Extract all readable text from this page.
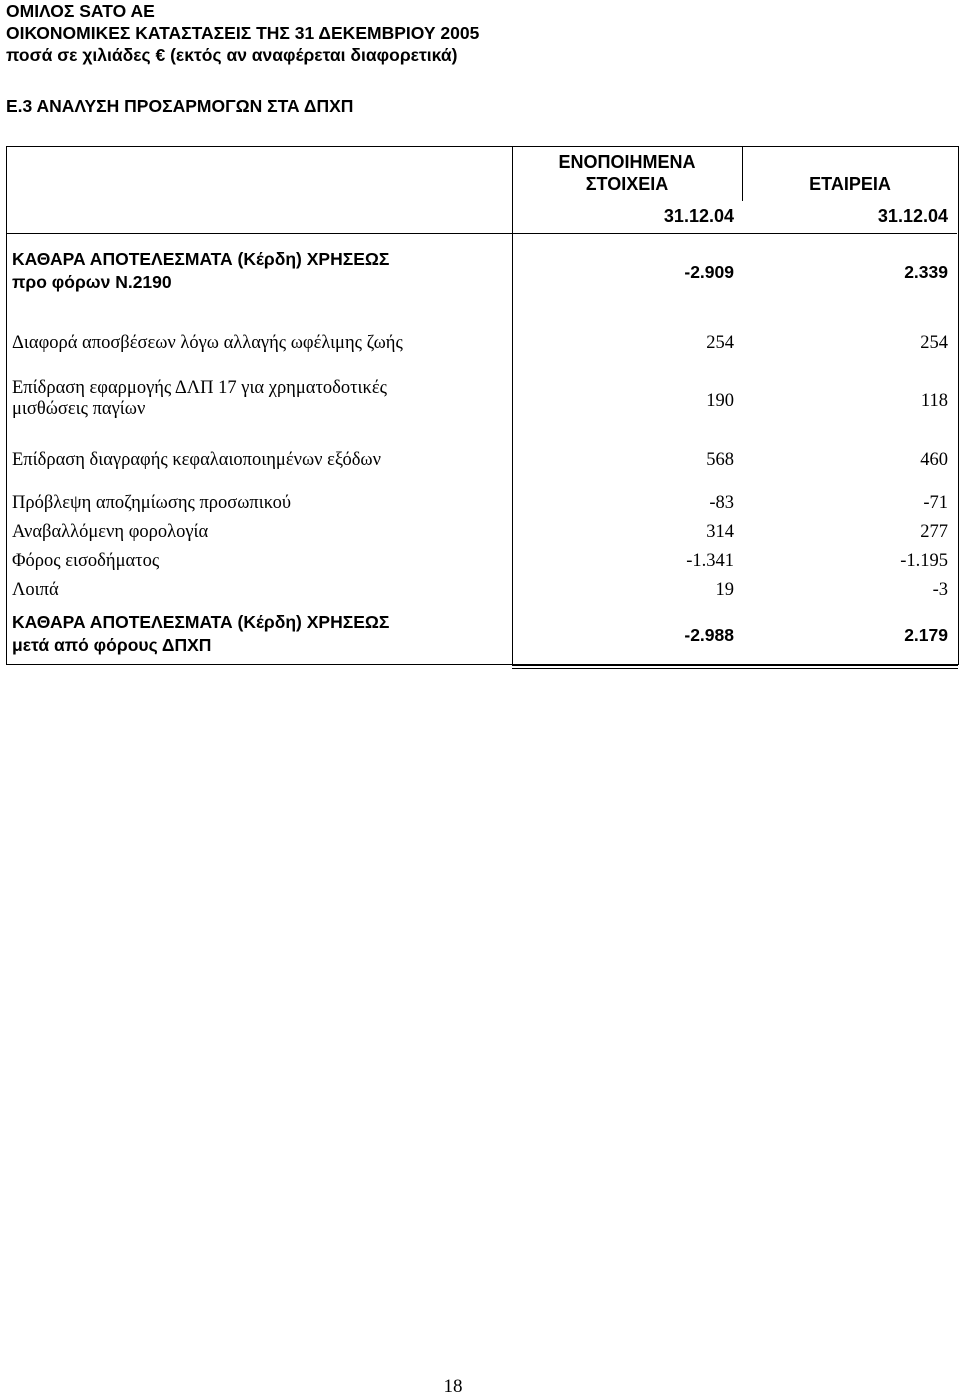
ΟΜΙΛΟΣ SATO AE
ΟΙΚΟΝΟΜΙΚΕΣ ΚΑΤΑΣΤΑΣΕΙΣ ΤΗΣ 31 ΔΕΚΕΜΒΡΙΟΥ 2005
ποσά σε χιλιάδες € (εκτός αν αναφέρεται διαφορετικά)
Ε.3 ΑΝΑΛΥΣΗ ΠΡΟΣΑΡΜΟΓΩΝ ΣΤΑ ΔΠΧΠ
ΕΝΟΠΟΙΗΜΕΝΑ
ΣΤΟΙΧΕΙΑ	ΕΤΑΙΡΕΙΑ
31.12.04	31.12.04
ΚΑΘΑΡΑ ΑΠΟΤΕΛΕΣΜΑΤΑ (Κέρδη) ΧΡΗΣΕΩΣ
προ φόρων Ν.2190	-2.909	2.339
Διαφορά αποσβέσεων λόγω αλλαγής ωφέλιμης ζωής	254	254
Επίδραση εφαρμογής ΔΛΠ 17 για χρηματοδοτικές
μισθώσεις παγίων	190	118
Επίδραση διαγραφής κεφαλαιοποιημένων εξόδων	568	460
Πρόβλεψη αποζημίωσης προσωπικού	-83	-71
Αναβαλλόμενη φορολογία	314	277
Φόρος εισοδήματος	-1.341	-1.195
Λοιπά	19	-3
ΚΑΘΑΡΑ ΑΠΟΤΕΛΕΣΜΑΤΑ (Κέρδη) ΧΡΗΣΕΩΣ
μετά από φόρους ΔΠΧΠ	-2.988	2.179
18
